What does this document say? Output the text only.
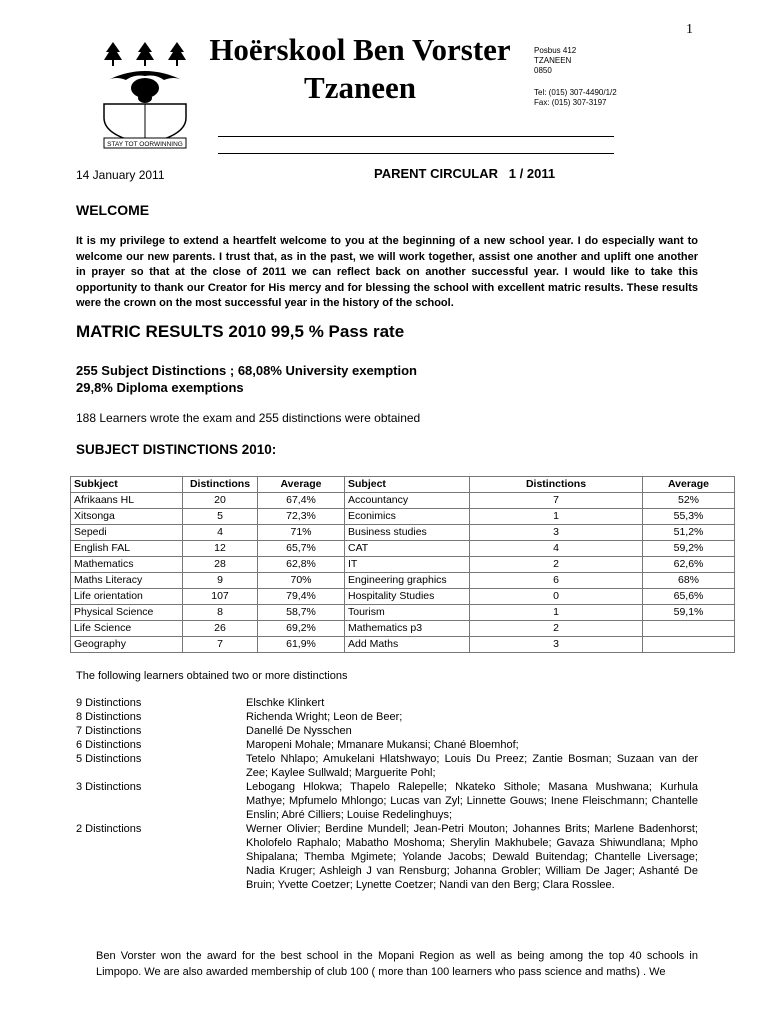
1
STAY TOT OORWINNING
Hoërskool Ben Vorster
Tzaneen
Posbus 412
TZANEEN
0850
Tel: (015) 307-4490/1/2
Fax: (015) 307-3197
14 January 2011	PARENT CIRCULAR   1 / 2011
WELCOME
It is my privilege to extend a heartfelt welcome to you at the beginning of a new school year. I do especially want to welcome our new parents. I trust that, as in the past, we will work together, assist one another and uplift one another in prayer so that at the close of 2011 we can reflect back on another successful year. I would like to take this opportunity to thank our Creator for His mercy and for blessing the school with excellent matric results. These results were the crown on the most successful year in the history of the school.
MATRIC RESULTS 2010 99,5 % Pass rate
255 Subject Distinctions ; 68,08% University exemption
29,8% Diploma exemptions
188 Learners wrote the exam and 255 distinctions were obtained
SUBJECT DISTINCTIONS 2010:
Subkject	Distinctions	Average	Subject	Distinctions	Average
Afrikaans HL	20	67,4%	Accountancy	7	52%
Xitsonga	5	72,3%	Econimics	1	55,3%
Sepedi	4	71%	Business studies	3	51,2%
English FAL	12	65,7%	CAT	4	59,2%
Mathematics	28	62,8%	IT	2	62,6%
Maths Literacy	9	70%	Engineering graphics	6	68%
Life orientation	107	79,4%	Hospitality Studies	0	65,6%
Physical Science	8	58,7%	Tourism	1	59,1%
Life Science	26	69,2%	Mathematics p3	2	
Geography	7	61,9%	Add Maths	3	
The following learners obtained two or more distinctions
9 Distinctions	Elschke Klinkert
8 Distinctions	Richenda Wright; Leon de Beer;
7 Distinctions	Danellé De Nysschen
6 Distinctions	Maropeni Mohale; Mmanare Mukansi; Chané Bloemhof;
5 Distinctions	Tetelo Nhlapo; Amukelani Hlatshwayo; Louis Du Preez; Zantie Bosman; Suzaan van der Zee; Kaylee Sullwald; Marguerite Pohl;
3 Distinctions	Lebogang Hlokwa; Thapelo Ralepelle; Nkateko Sithole; Masana Mushwana; Kurhula Mathye; Mpfumelo Mhlongo; Lucas van Zyl; Linnette Gouws; Inene Fleischmann; Chantelle Enslin; Abré Cilliers; Louise Redelinghuys;
2 Distinctions	Werner Olivier; Berdine Mundell; Jean-Petri Mouton; Johannes Brits; Marlene Badenhorst; Kholofelo Raphalo; Mabatho Moshoma; Sherylin Makhubele; Gavaza Shiwundlana; Mpho Shipalana; Themba Mgimete; Yolande Jacobs; Dewald Buitendag; Chantelle Liversage; Nadia Kruger; Ashleigh J van Rensburg; Johanna Grobler; William De Jager; Ashanté De Bruin; Yvette Coetzer; Lynette Coetzer; Nandi van den Berg; Clara Rosslee.
Ben Vorster won the award for the best school in the Mopani Region as well as being among the top 40 schools in Limpopo. We are also awarded membership of club 100 ( more than 100 learners who pass science and maths) . We
